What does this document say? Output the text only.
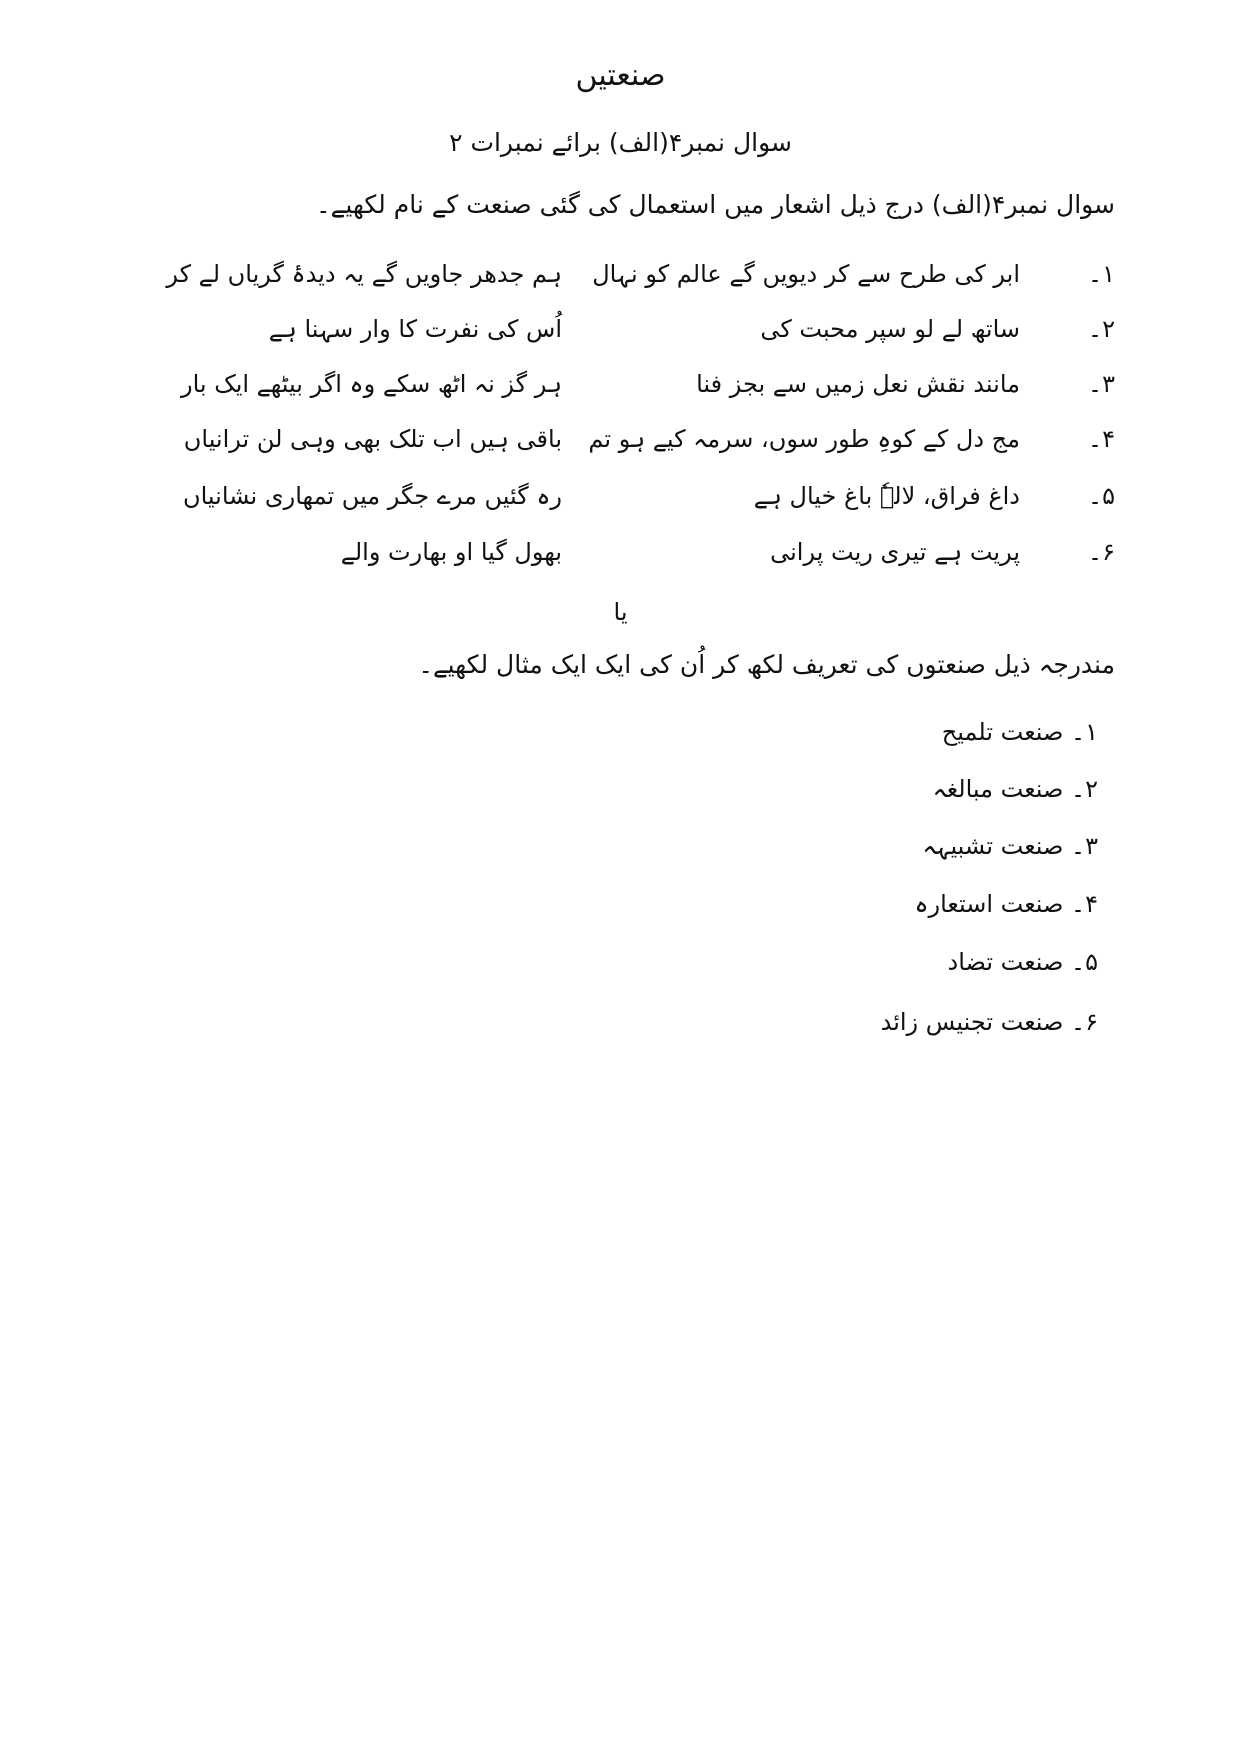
صنعتیں
سوال نمبر۴(الف) برائے نمبرات ۲
سوال نمبر۴(الف) درج ذیل اشعار میں استعمال کی گئی صنعت کے نام لکھیے۔
۱۔
ابر کی طرح سے کر دیویں گے عالم کو نہال
ہم جدھر جاویں گے یہ دیدۂ گریاں لے کر
۲۔
ساتھ لے لو سپر محبت کی
اُس کی نفرت کا وار سہنا ہے
۳۔
مانند نقش نعل زمیں سے بجز فنا
ہر گز نہ اٹھ سکے وہ اگر بیٹھے ایک بار
۴۔
مج دل کے کوہِ طور سوں، سرمہ کیے ہو تم
باقی ہیں اب تلک بھی وہی لن ترانیاں
۵۔
داغ فراق، لالہٗ باغ خیال ہے
رہ گئیں مرے جگر میں تمھاری نشانیاں
۶۔
پریت ہے تیری ریت پرانی
بھول گیا او بھارت والے
یا
مندرجہ ذیل صنعتوں کی تعریف لکھ کر اُن کی ایک ایک مثال لکھیے۔
۱۔ صنعت تلمیح
۲۔ صنعت مبالغہ
۳۔ صنعت تشبیہہ
۴۔ صنعت استعارہ
۵۔ صنعت تضاد
۶۔ صنعت تجنیس زائد
